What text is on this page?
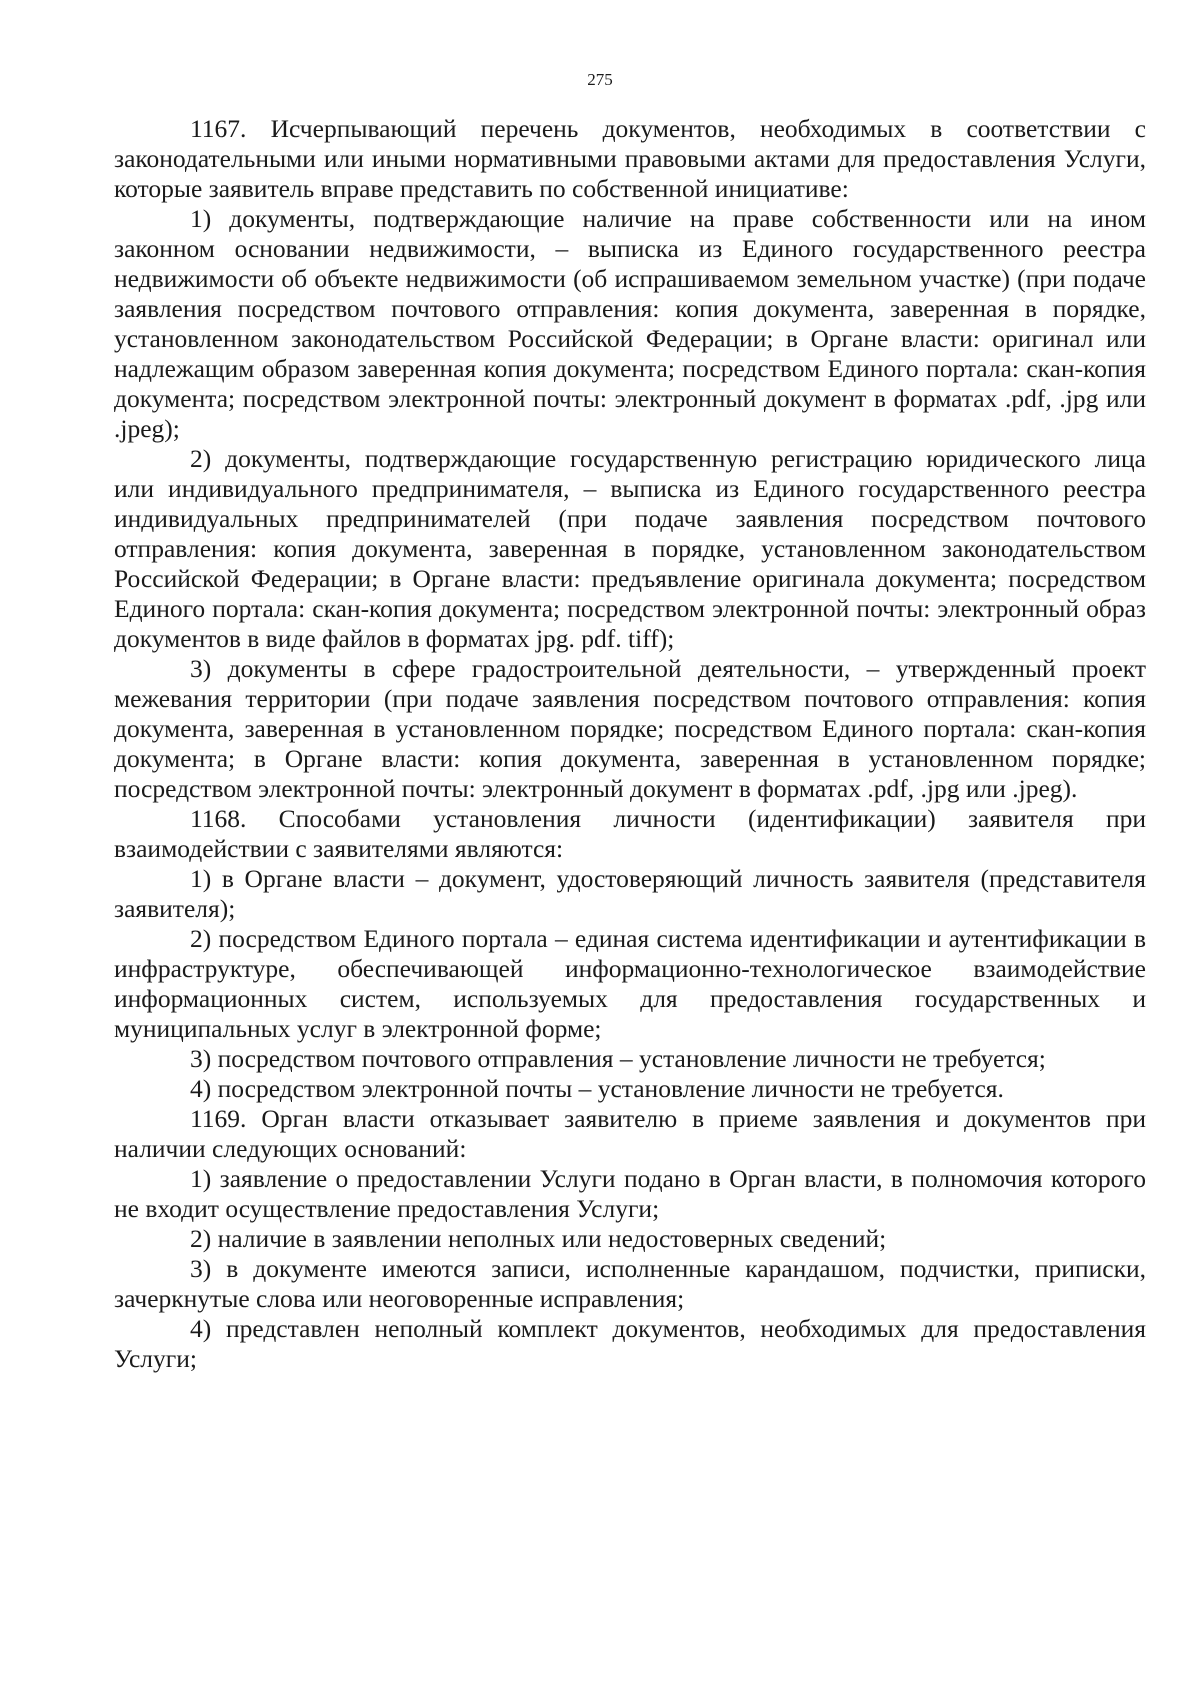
275

1167. Исчерпывающий перечень документов, необходимых в соответствии с законодательными или иными нормативными правовыми актами для предоставления Услуги, которые заявитель вправе представить по собственной инициативе:

1) документы, подтверждающие наличие на праве собственности или на ином законном основании недвижимости, – выписка из Единого государственного реестра недвижимости об объекте недвижимости (об испрашиваемом земельном участке) (при подаче заявления посредством почтового отправления: копия документа, заверенная в порядке, установленном законодательством Российской Федерации; в Органе власти: оригинал или надлежащим образом заверенная копия документа; посредством Единого портала: скан-копия документа; посредством электронной почты: электронный документ в форматах .pdf, .jpg или .jpeg);

2) документы, подтверждающие государственную регистрацию юридического лица или индивидуального предпринимателя, – выписка из Единого государственного реестра индивидуальных предпринимателей (при подаче заявления посредством почтового отправления: копия документа, заверенная в порядке, установленном законодательством Российской Федерации; в Органе власти: предъявление оригинала документа; посредством Единого портала: скан-копия документа; посредством электронной почты: электронный образ документов в виде файлов в форматах jpg. pdf. tiff);

3) документы в сфере градостроительной деятельности, – утвержденный проект межевания территории (при подаче заявления посредством почтового отправления: копия документа, заверенная в установленном порядке; посредством Единого портала: скан-копия документа; в Органе власти: копия документа, заверенная в установленном порядке; посредством электронной почты: электронный документ в форматах .pdf, .jpg или .jpeg).

1168. Способами установления личности (идентификации) заявителя при взаимодействии с заявителями являются:

1) в Органе власти – документ, удостоверяющий личность заявителя (представителя заявителя);

2) посредством Единого портала – единая система идентификации и аутентификации в инфраструктуре, обеспечивающей информационно-технологическое взаимодействие информационных систем, используемых для предоставления государственных и муниципальных услуг в электронной форме;

3) посредством почтового отправления – установление личности не требуется;

4) посредством электронной почты – установление личности не требуется.

1169. Орган власти отказывает заявителю в приеме заявления и документов при наличии следующих оснований:

1) заявление о предоставлении Услуги подано в Орган власти, в полномочия которого не входит осуществление предоставления Услуги;

2) наличие в заявлении неполных или недостоверных сведений;

3) в документе имеются записи, исполненные карандашом, подчистки, приписки, зачеркнутые слова или неоговоренные исправления;

4) представлен неполный комплект документов, необходимых для предоставления Услуги;
